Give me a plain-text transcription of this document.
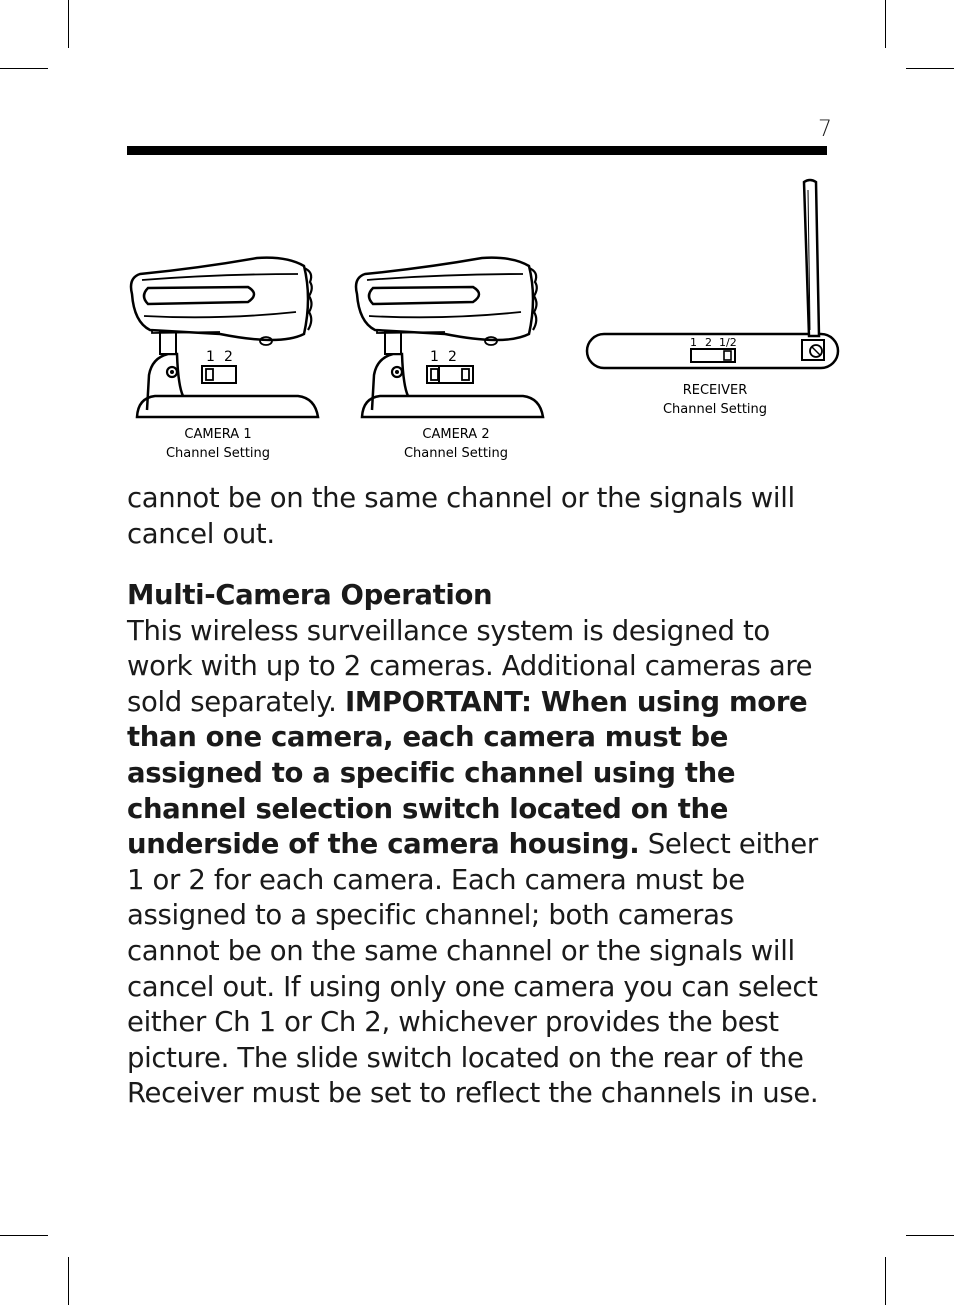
7
1 2
CAMERA 1
Channel Setting
1 2
CAMERA 2
Channel Setting
1 2 1/2
RECEIVER
Channel Setting
cannot be on the same channel or the signals will cancel out.
Multi-Camera Operation
This wireless surveillance system is designed to work with up to 2 cameras. Additional cameras are sold separately. IMPORTANT: When using more than one camera, each camera must be assigned to a specific channel using the channel selection switch located on the underside of the camera housing. Select either 1 or 2 for each camera. Each camera must be assigned to a specific channel; both cameras cannot be on the same channel or the signals will cancel out. If using only one camera you can select either Ch 1 or Ch 2, whichever provides the best picture. The slide switch located on the rear of the Receiver must be set to reflect the channels in use.
